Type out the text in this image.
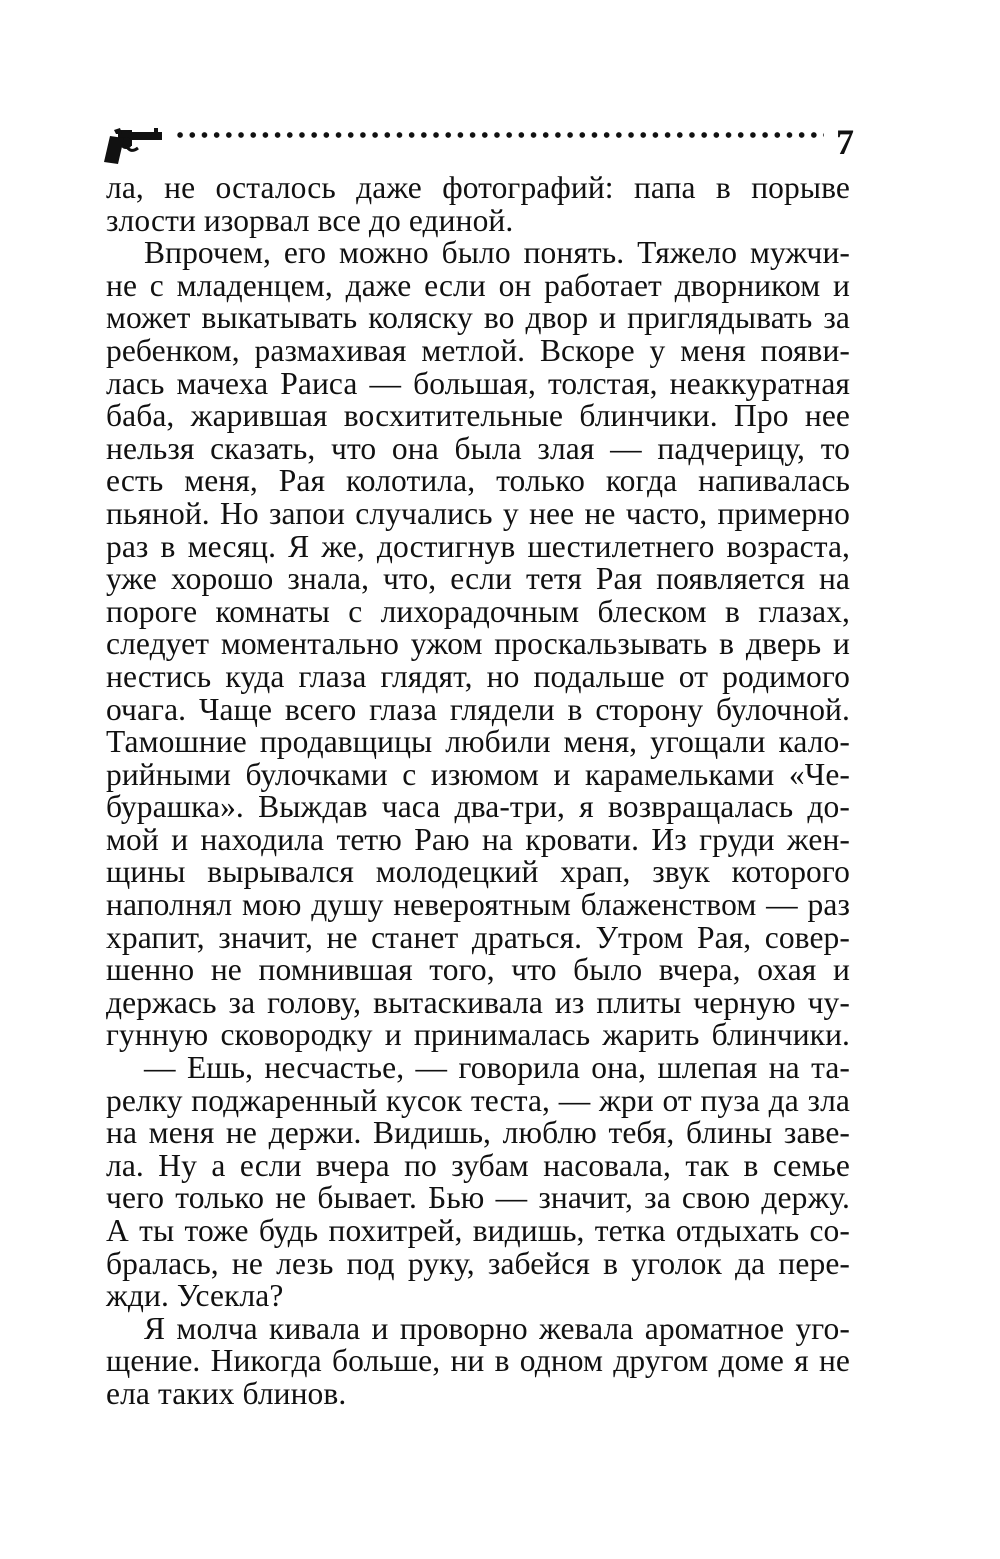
7
ла, не осталось даже фотографий: папа в порыве
злости изорвал все до единой.
Впрочем, его можно было понять. Тяжело мужчи-
не с младенцем, даже если он работает дворником и
может выкатывать коляску во двор и приглядывать за
ребенком, размахивая метлой. Вскоре у меня появи-
лась мачеха Раиса — большая, толстая, неаккуратная
баба, жарившая восхитительные блинчики. Про нее
нельзя сказать, что она была злая — падчерицу, то
есть меня, Рая колотила, только когда напивалась
пьяной. Но запои случались у нее не часто, примерно
раз в месяц. Я же, достигнув шестилетнего возраста,
уже хорошо знала, что, если тетя Рая появляется на
пороге комнаты с лихорадочным блеском в глазах,
следует моментально ужом проскальзывать в дверь и
нестись куда глаза глядят, но подальше от родимого
очага. Чаще всего глаза глядели в сторону булочной.
Тамошние продавщицы любили меня, угощали кало-
рийными булочками с изюмом и карамельками «Че-
бурашка». Выждав часа два-три, я возвращалась до-
мой и находила тетю Раю на кровати. Из груди жен-
щины вырывался молодецкий храп, звук которого
наполнял мою душу невероятным блаженством — раз
храпит, значит, не станет драться. Утром Рая, совер-
шенно не помнившая того, что было вчера, охая и
держась за голову, вытаскивала из плиты черную чу-
гунную сковородку и принималась жарить блинчики.
— Ешь, несчастье, — говорила она, шлепая на та-
релку поджаренный кусок теста, — жри от пуза да зла
на меня не держи. Видишь, люблю тебя, блины заве-
ла. Ну а если вчера по зубам насовала, так в семье
чего только не бывает. Бью — значит, за свою держу.
А ты тоже будь похитрей, видишь, тетка отдыхать со-
бралась, не лезь под руку, забейся в уголок да пере-
жди. Усекла?
Я молча кивала и проворно жевала ароматное уго-
щение. Никогда больше, ни в одном другом доме я не
ела таких блинов.
